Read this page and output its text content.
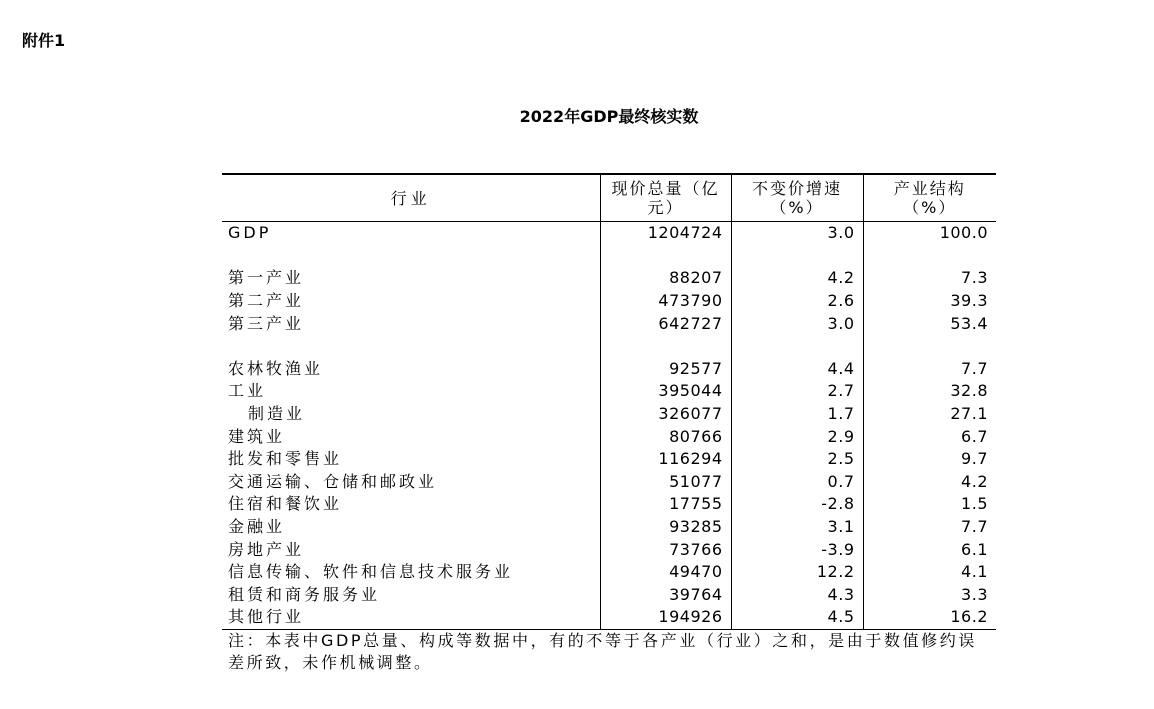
附件1
2022年GDP最终核实数
行业	现价总量（亿元）	不变价增速（%）	产业结构（%）
GDP	1204724	3.0	100.0

第一产业	88207	4.2	7.3
第二产业	473790	2.6	39.3
第三产业	642727	3.0	53.4

农林牧渔业	92577	4.4	7.7
工业	395044	2.7	32.8
制造业	326077	1.7	27.1
建筑业	80766	2.9	6.7
批发和零售业	116294	2.5	9.7
交通运输、仓储和邮政业	51077	0.7	4.2
住宿和餐饮业	17755	-2.8	1.5
金融业	93285	3.1	7.7
房地产业	73766	-3.9	6.1
信息传输、软件和信息技术服务业	49470	12.2	4.1
租赁和商务服务业	39764	4.3	3.3
其他行业	194926	4.5	16.2
注：本表中GDP总量、构成等数据中，有的不等于各产业（行业）之和，是由于数值修约误差所致，未作机械调整。
